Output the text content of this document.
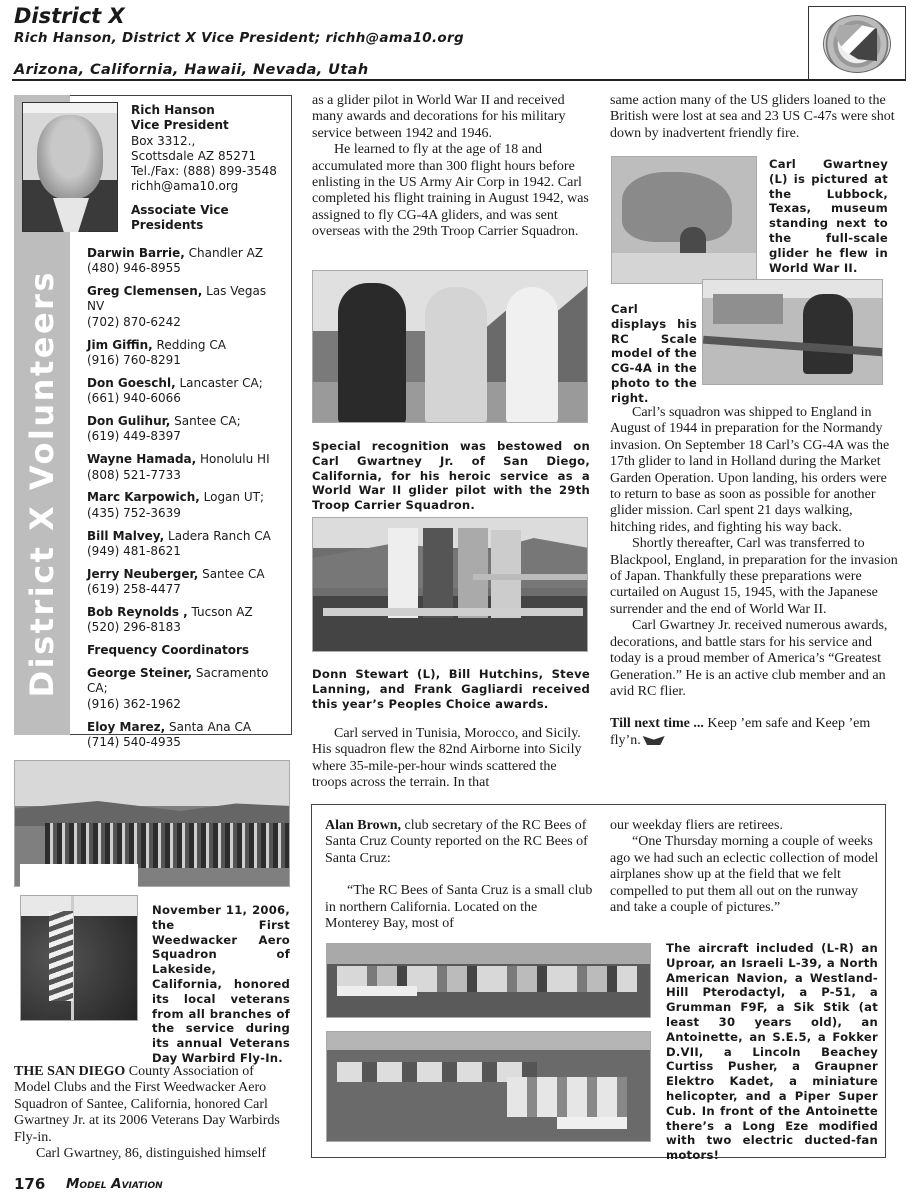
District X
Rich Hanson, District X Vice President; richh@ama10.org
Arizona, California, Hawaii, Nevada, Utah
District X Volunteers
Rich Hanson
Vice President
Box 3312.,
Scottsdale AZ 85271
Tel./Fax: (888) 899-3548
richh@ama10.org
Associate Vice
Presidents
Darwin Barrie, Chandler AZ
(480) 946-8955
Greg Clemensen, Las Vegas NV
(702) 870-6242
Jim Giffin, Redding CA
(916) 760-8291
Don Goeschl, Lancaster CA;
(661) 940-6066
Don Gulihur, Santee CA;
(619) 449-8397
Wayne Hamada, Honolulu HI
(808) 521-7733
Marc Karpowich, Logan UT;
(435) 752-3639
Bill Malvey, Ladera Ranch CA
(949) 481-8621
Jerry Neuberger, Santee CA
(619) 258-4477
Bob Reynolds , Tucson AZ
(520) 296-8183
Frequency Coordinators
George Steiner, Sacramento CA;
(916) 362-1962
Eloy Marez, Santa Ana CA
(714) 540-4935

as a glider pilot in World War II and received many awards and decorations for his military service between 1942 and 1946.

He learned to fly at the age of 18 and accumulated more than 300 flight hours before enlisting in the US Army Air Corp in 1942. Carl completed his flight training in August 1942, was assigned to fly CG-4A gliders, and was sent overseas with the 29th Troop Carrier Squadron.

Special recognition was bestowed on Carl Gwartney Jr. of San Diego, California, for his heroic service as a World War II glider pilot with the 29th Troop Carrier Squadron.
Donn Stewart (L), Bill Hutchins, Steve Lanning, and Frank Gagliardi received this year’s Peoples Choice awards.

Carl served in Tunisia, Morocco, and Sicily. His squadron flew the 82nd Airborne into Sicily where 35-mile-per-hour winds scattered the troops across the terrain. In that

same action many of the US gliders loaned to the British were lost at sea and 23 US C-47s were shot down by inadvertent friendly fire.

Carl Gwartney (L) is pictured at the Lubbock, Texas, museum standing next to the full-scale glider he flew in World War II.
Carl displays his RC Scale model of the CG-4A in the photo to the right.

Carl’s squadron was shipped to England in August of 1944 in preparation for the Normandy invasion. On September 18 Carl’s CG-4A was the 17th glider to land in Holland during the Market Garden Operation. Upon landing, his orders were to return to base as soon as possible for another glider mission. Carl spent 21 days walking, hitching rides, and fighting his way back.

Shortly thereafter, Carl was transferred to Blackpool, England, in preparation for the invasion of Japan. Thankfully these preparations were curtailed on August 15, 1945, with the Japanese surrender and the end of World War II.

Carl Gwartney Jr. received numerous awards, decorations, and battle stars for his service and today is a proud member of America’s “Greatest Generation.” He is an active club member and an avid RC flier.

Till next time ... Keep ’em safe and Keep ’em fly’n.

November 11, 2006, the First Weedwacker Aero Squadron of Lakeside, California, honored its local veterans from all branches of the service during its annual Veterans Day Warbird Fly-In.

THE SAN DIEGO County Association of Model Clubs and the First Weedwacker Aero Squadron of Santee, California, honored Carl Gwartney Jr. at its 2006 Veterans Day Warbirds Fly-in.

Carl Gwartney, 86, distinguished himself

Alan Brown, club secretary of the RC Bees of Santa Cruz County reported on the RC Bees of Santa Cruz:

“The RC Bees of Santa Cruz is a small club in northern California. Located on the Monterey Bay, most of

our weekday fliers are retirees.

“One Thursday morning a couple of weeks ago we had such an eclectic collection of model airplanes show up at the field that we felt compelled to put them all out on the runway and take a couple of pictures.”

The aircraft included (L-R) an Uproar, an Israeli L-39, a North American Navion, a Westland-Hill Pterodactyl, a P-51, a Grumman F9F, a Sik Stik (at least 30 years old), an Antoinette, an S.E.5, a Fokker D.VII, a Lincoln Beachey Curtiss Pusher, a Graupner Elektro Kadet, a miniature helicopter, and a Piper Super Cub. In front of the Antoinette there’s a Long Eze modified with two electric ducted-fan motors!
176 Model Aviation
